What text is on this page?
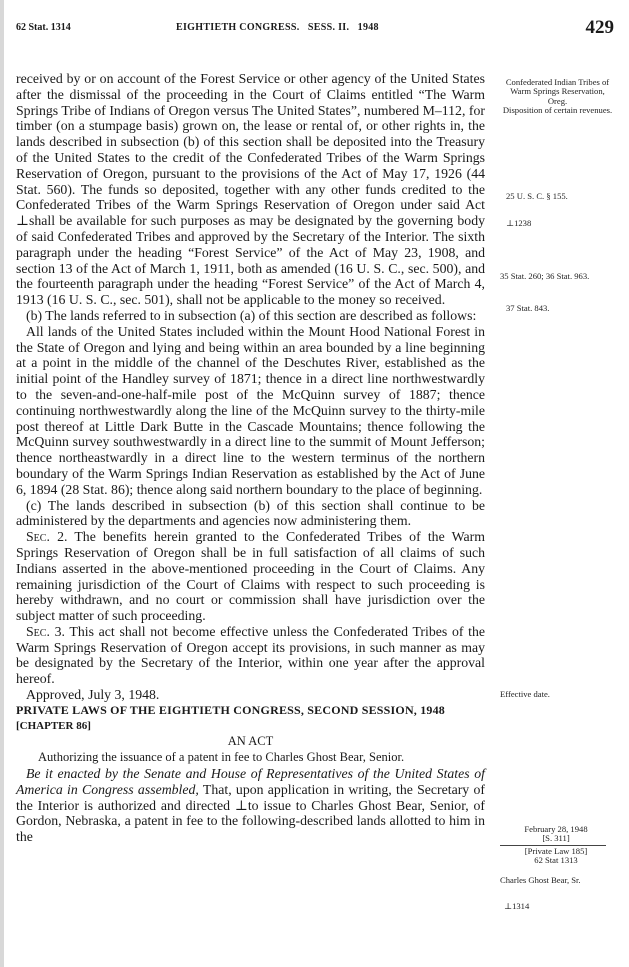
62 Stat. 1314	EIGHTIETH CONGRESS.   SESS. II.   1948	429

received by or on account of the Forest Service or other agency of the United States after the dismissal of the proceeding in the Court of Claims entitled “The Warm Springs Tribe of Indians of Oregon versus The United States”, numbered M–112, for timber (on a stumpage basis) grown on, the lease or rental of, or other rights in, the lands described in subsection (b) of this section shall be deposited into the Treasury of the United States to the credit of the Confederated Tribes of the Warm Springs Reservation of Oregon, pursuant to the provisions of the Act of May 17, 1926 (44 Stat. 560). The funds so deposited, together with any other funds credited to the Confederated Tribes of the Warm Springs Reservation of Oregon under said Act ⊥shall be available for such purposes as may be designated by the governing body of said Confederated Tribes and approved by the Secretary of the Interior. The sixth paragraph under the heading “Forest Service” of the Act of May 23, 1908, and section 13 of the Act of March 1, 1911, both as amended (16 U. S. C., sec. 500), and the fourteenth paragraph under the heading “Forest Service” of the Act of March 4, 1913 (16 U. S. C., sec. 501), shall not be applicable to the money so received.

(b) The lands referred to in subsection (a) of this section are described as follows:

All lands of the United States included within the Mount Hood National Forest in the State of Oregon and lying and being within an area bounded by a line beginning at a point in the middle of the channel of the Deschutes River, established as the initial point of the Handley survey of 1871; thence in a direct line northwestwardly to the seven-and-one-half-mile post of the McQuinn survey of 1887; thence continuing northwestwardly along the line of the McQuinn survey to the thirty-mile post thereof at Little Dark Butte in the Cascade Mountains; thence following the McQuinn survey southwestwardly in a direct line to the summit of Mount Jefferson; thence northeastwardly in a direct line to the western terminus of the northern boundary of the Warm Springs Indian Reservation as established by the Act of June 6, 1894 (28 Stat. 86); thence along said northern boundary to the place of beginning.

(c) The lands described in subsection (b) of this section shall continue to be administered by the departments and agencies now administering them.

Sec. 2. The benefits herein granted to the Confederated Tribes of the Warm Springs Reservation of Oregon shall be in full satisfaction of all claims of such Indians asserted in the above-mentioned proceeding in the Court of Claims. Any remaining jurisdiction of the Court of Claims with respect to such proceeding is hereby withdrawn, and no court or commission shall have jurisdiction over the subject matter of such proceeding.

Sec. 3. This act shall not become effective unless the Confederated Tribes of the Warm Springs Reservation of Oregon accept its provisions, in such manner as may be designated by the Secretary of the Interior, within one year after the approval hereof.

Approved, July 3, 1948.

PRIVATE LAWS OF THE EIGHTIETH CONGRESS, SECOND SESSION, 1948

[CHAPTER 86]

AN ACT

Authorizing the issuance of a patent in fee to Charles Ghost Bear, Senior.

Be it enacted by the Senate and House of Representatives of the United States of America in Congress assembled, That, upon application in writing, the Secretary of the Interior is authorized and directed ⊥to issue to Charles Ghost Bear, Senior, of Gordon, Nebraska, a patent in fee to the following-described lands allotted to him in the

Confederated Indian Tribes of Warm Springs Reservation, Oreg.
Disposition of certain revenues.
25 U. S. C. § 155.
⊥1238
35 Stat. 260; 36 Stat. 963.
37 Stat. 843.
Effective date.
February 28, 1948
[S. 311]
[Private Law 185]
62 Stat 1313
Charles Ghost Bear, Sr.
⊥1314
